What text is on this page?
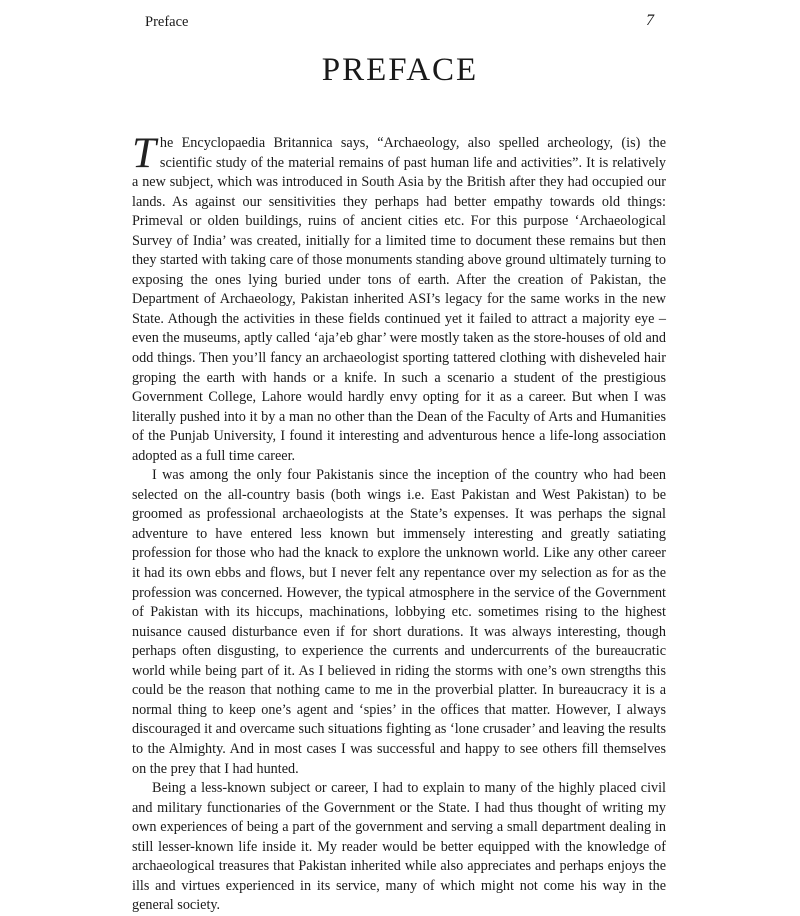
Preface	7
PREFACE

The Encyclopaedia Britannica says, “Archaeology, also spelled archeology, (is) the scientific study of the material remains of past human life and activities”. It is relatively a new subject, which was introduced in South Asia by the British after they had occupied our lands. As against our sensitivities they perhaps had better empathy towards old things: Primeval or olden buildings, ruins of ancient cities etc. For this purpose ‘Archaeological Survey of India’ was created, initially for a limited time to document these remains but then they started with taking care of those monuments standing above ground ultimately turning to exposing the ones lying buried under tons of earth. After the creation of Pakistan, the Department of Archaeology, Pakistan inherited ASI’s legacy for the same works in the new State. Athough the activities in these fields continued yet it failed to attract a majority eye – even the museums, aptly called ‘aja’eb ghar’ were mostly taken as the store-houses of old and odd things. Then you’ll fancy an archaeologist sporting tattered clothing with disheveled hair groping the earth with hands or a knife. In such a scenario a student of the prestigious Government College, Lahore would hardly envy opting for it as a career. But when I was literally pushed into it by a man no other than the Dean of the Faculty of Arts and Humanities of the Punjab University, I found it interesting and adventurous hence a life-long association adopted as a full time career.

I was among the only four Pakistanis since the inception of the country who had been selected on the all-country basis (both wings i.e. East Pakistan and West Pakistan) to be groomed as professional archaeologists at the State’s expenses. It was perhaps the signal adventure to have entered less known but immensely interesting and greatly satiating profession for those who had the knack to explore the unknown world. Like any other career it had its own ebbs and flows, but I never felt any repentance over my selection as for as the profession was concerned. However, the typical atmosphere in the service of the Government of Pakistan with its hiccups, machinations, lobbying etc. sometimes rising to the highest nuisance caused disturbance even if for short durations. It was always interesting, though perhaps often disgusting, to experience the currents and undercurrents of the bureaucratic world while being part of it. As I believed in riding the storms with one’s own strengths this could be the reason that nothing came to me in the proverbial platter. In bureaucracy it is a normal thing to keep one’s agent and ‘spies’ in the offices that matter. However, I always discouraged it and overcame such situations fighting as ‘lone crusader’ and leaving the results to the Almighty. And in most cases I was successful and happy to see others fill themselves on the prey that I had hunted.

Being a less-known subject or career, I had to explain to many of the highly placed civil and military functionaries of the Government or the State. I had thus thought of writing my own experiences of being a part of the government and serving a small department dealing in still lesser-known life inside it. My reader would be better equipped with the knowledge of archaeological treasures that Pakistan inherited while also appreciates and perhaps enjoys the ills and virtues experienced in its service, many of which might not come his way in the general society.
